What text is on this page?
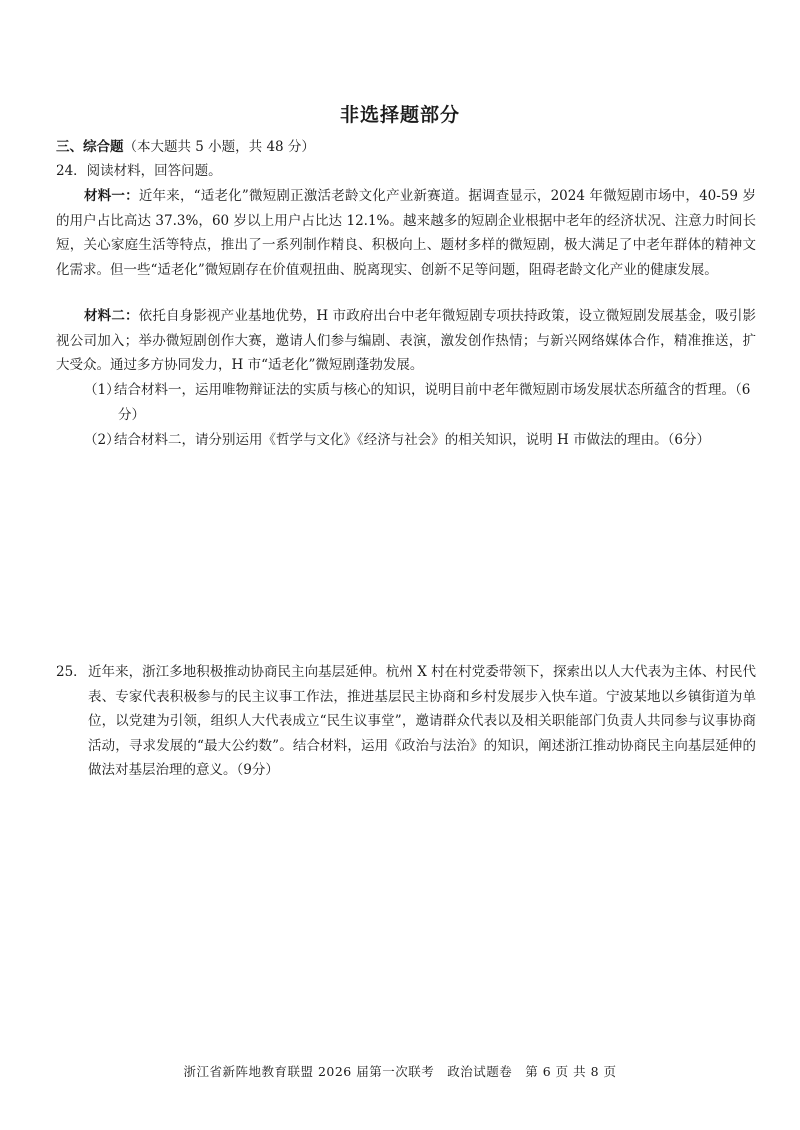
非选择题部分
三、综合题（本大题共 5 小题，共 48 分）
24．阅读材料，回答问题。
材料一：近年来，“适老化”微短剧正激活老龄文化产业新赛道。据调查显示，2024 年微短剧市场中，40-59 岁的用户占比高达 37.3%，60 岁以上用户占比达 12.1%。越来越多的短剧企业根据中老年的经济状况、注意力时间长短，关心家庭生活等特点，推出了一系列制作精良、积极向上、题材多样的微短剧，极大满足了中老年群体的精神文化需求。但一些“适老化”微短剧存在价值观扭曲、脱离现实、创新不足等问题，阻碍老龄文化产业的健康发展。
材料二：依托自身影视产业基地优势，H 市政府出台中老年微短剧专项扶持政策，设立微短剧发展基金，吸引影视公司加入；举办微短剧创作大赛，邀请人们参与编剧、表演，激发创作热情；与新兴网络媒体合作，精准推送，扩大受众。通过多方协同发力，H 市“适老化”微短剧蓬勃发展。
（1）
结合材料一，运用唯物辩证法的实质与核心的知识，说明目前中老年微短剧市场发展状态所蕴含的哲理。（6分）
（2）
结合材料二，请分别运用《哲学与文化》《经济与社会》的相关知识，说明 H 市做法的理由。（6分）
25． 近年来，浙江多地积极推动协商民主向基层延伸。杭州 X 村在村党委带领下，探索出以人大代表为主体、村民代表、专家代表积极参与的民主议事工作法，推进基层民主协商和乡村发展步入快车道。宁波某地以乡镇街道为单位，以党建为引领，组织人大代表成立“民生议事堂”，邀请群众代表以及相关职能部门负责人共同参与议事协商活动，寻求发展的“最大公约数”。结合材料，运用《政治与法治》的知识，阐述浙江推动协商民主向基层延伸的做法对基层治理的意义。（9分）
浙江省新阵地教育联盟 2026 届第一次联考　政治试题卷　第 6 页 共 8 页
